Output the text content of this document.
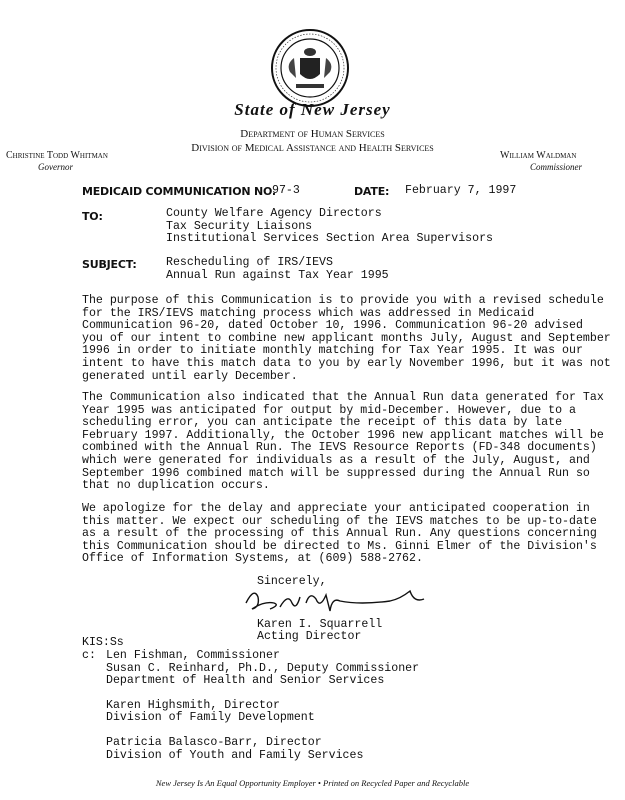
State of New Jersey
Department of Human Services
Division of Medical Assistance and Health Services
Christine Todd Whitman
Governor
William Waldman
Commissioner
MEDICAID COMMUNICATION NO.
97-3	DATE: February 7, 1997
TO:	County Welfare Agency Directors
Tax Security Liaisons
Institutional Services Section Area Supervisors
SUBJECT:	Rescheduling of IRS/IEVS
Annual Run against Tax Year 1995
The purpose of this Communication is to provide you with a revised schedule
for the IRS/IEVS matching process which was addressed in Medicaid
Communication 96-20, dated October 10, 1996. Communication 96-20 advised
you of our intent to combine new applicant months July, August and September
1996 in order to initiate monthly matching for Tax Year 1995. It was our
intent to have this match data to you by early November 1996, but it was not
generated until early December.
The Communication also indicated that the Annual Run data generated for Tax
Year 1995 was anticipated for output by mid-December. However, due to a
scheduling error, you can anticipate the receipt of this data by late
February 1997. Additionally, the October 1996 new applicant matches will be
combined with the Annual Run. The IEVS Resource Reports (FD-348 documents)
which were generated for individuals as a result of the July, August, and
September 1996 combined match will be suppressed during the Annual Run so
that no duplication occurs.
We apologize for the delay and appreciate your anticipated cooperation in
this matter. We expect our scheduling of the IEVS matches to be up-to-date
as a result of the processing of this Annual Run. Any questions concerning
this Communication should be directed to Ms. Ginni Elmer of the Division's
Office of Information Systems, at (609) 588-2762.
Sincerely,
Karen I. Squarrell
Acting Director
KIS:Ss
c: Len Fishman, Commissioner
Susan C. Reinhard, Ph.D., Deputy Commissioner
Department of Health and Senior Services
Karen Highsmith, Director
Division of Family Development
Patricia Balasco-Barr, Director
Division of Youth and Family Services
New Jersey Is An Equal Opportunity Employer • Printed on Recycled Paper and Recyclable
